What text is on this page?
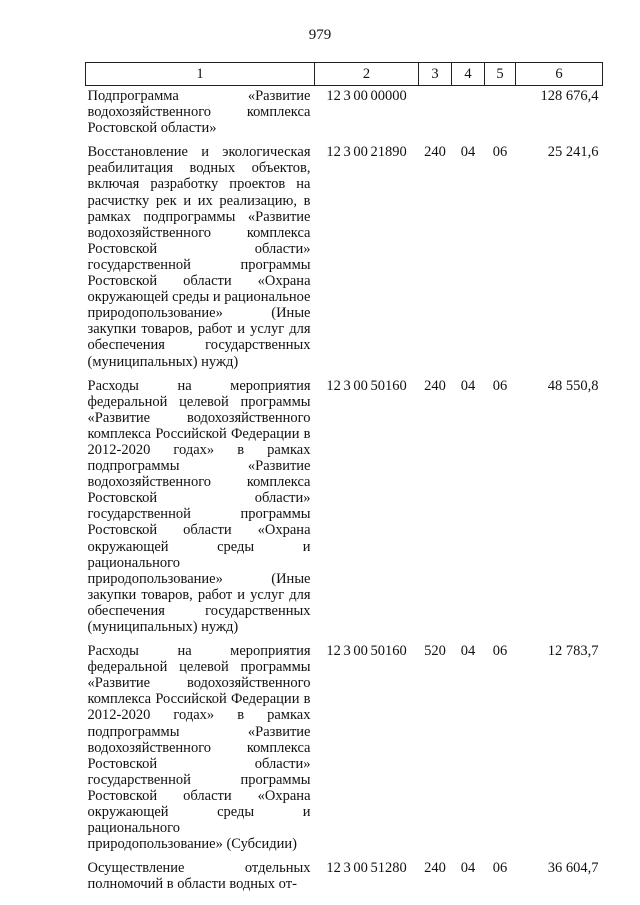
979
1	2	3	4	5	6
Подпрограмма «Развитие водохозяйственного комплекса Ростовской области»	12 3 00 00000				128 676,4
Восстановление и экологическая реабилитация водных объектов, включая разработку проектов на расчистку рек и их реализацию, в рамках подпрограммы «Развитие водохозяйственного комплекса Ростовской области» государственной программы Ростовской области «Охрана окружающей среды и рациональное природопользование» (Иные закупки товаров, работ и услуг для обеспечения государственных (муниципальных) нужд)	12 3 00 21890	240	04	06	25 241,6
Расходы на мероприятия федеральной целевой программы «Развитие водохозяйственного комплекса Российской Федерации в 2012-2020 годах» в рамках подпрограммы «Развитие водохозяйственного комплекса Ростовской области» государственной программы Ростовской области «Охрана окружающей среды и рационального природопользование» (Иные закупки товаров, работ и услуг для обеспечения государственных (муниципальных) нужд)	12 3 00 50160	240	04	06	48 550,8
Расходы на мероприятия федеральной целевой программы «Развитие водохозяйственного комплекса Российской Федерации в 2012-2020 годах» в рамках подпрограммы «Развитие водохозяйственного комплекса Ростовской области» государственной программы Ростовской области «Охрана окружающей среды и рационального природопользование» (Субсидии)	12 3 00 50160	520	04	06	12 783,7
Осуществление отдельных полномочий в области водных от-	12 3 00 51280	240	04	06	36 604,7
